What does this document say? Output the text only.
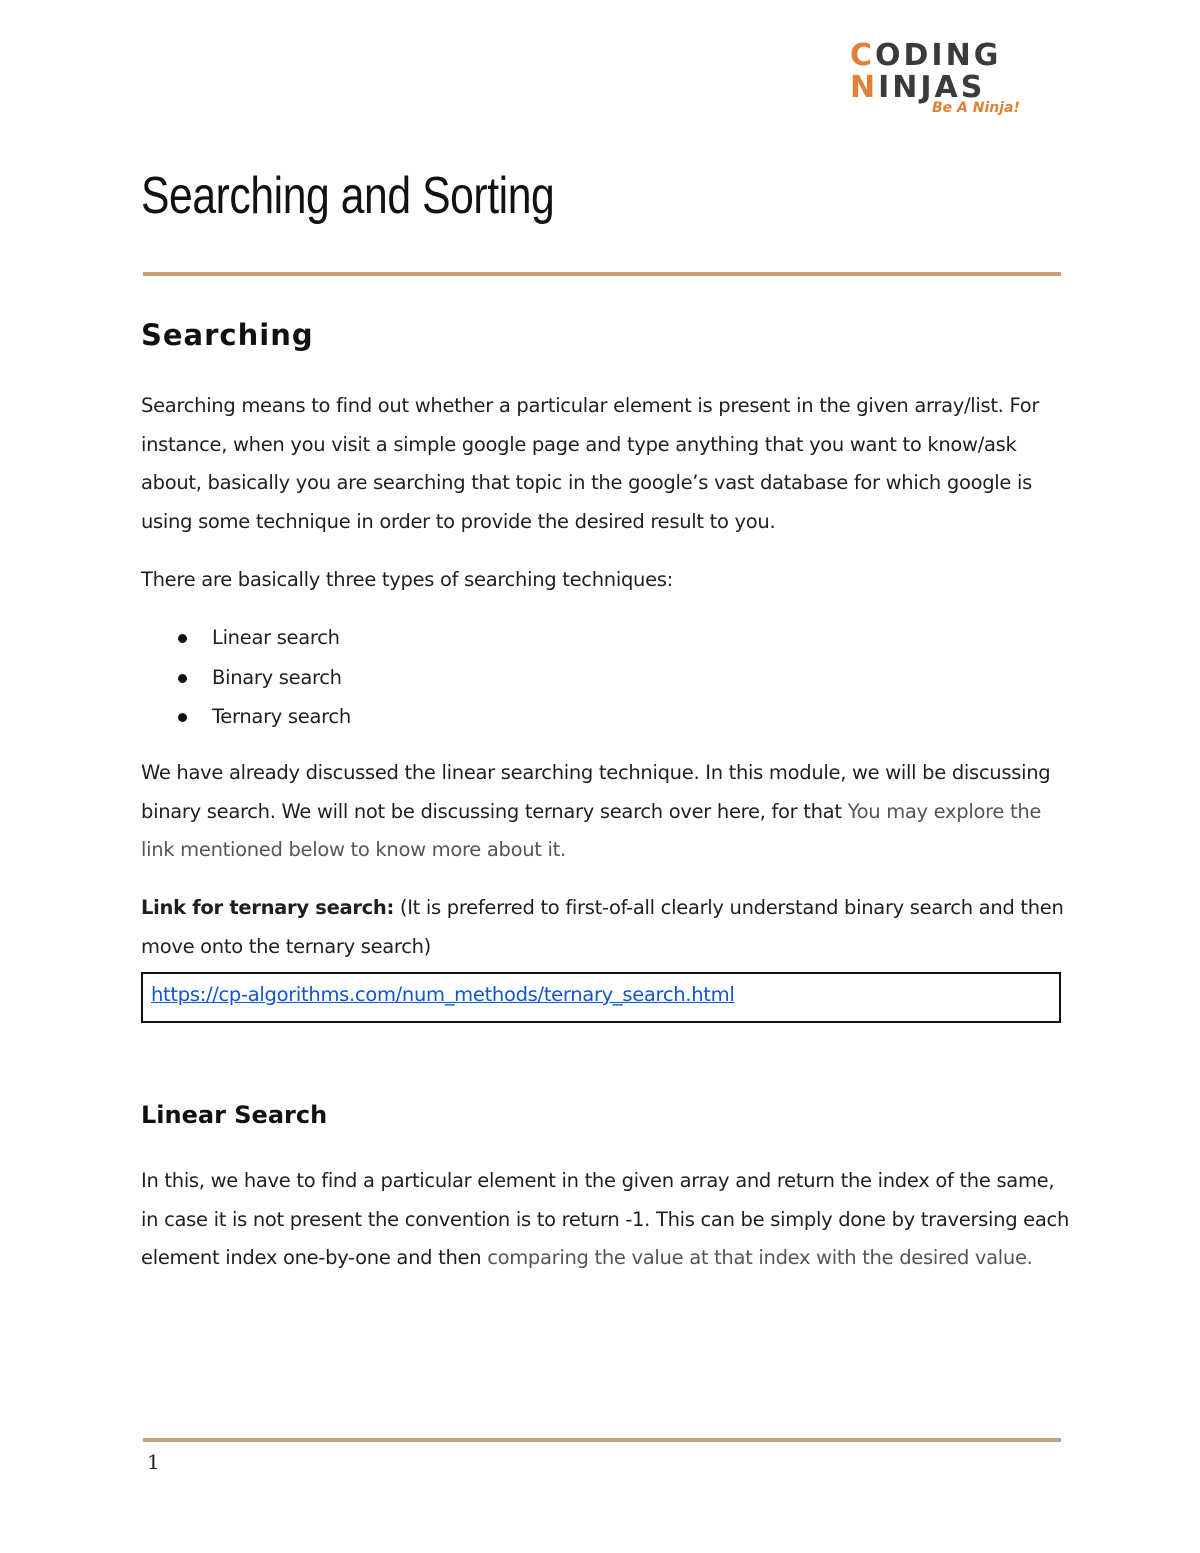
CODING
NINJAS
Be A Ninja!
Searching and Sorting
Searching

Searching means to find out whether a particular element is present in the given array/list. For instance, when you visit a simple google page and type anything that you want to know/ask about, basically you are searching that topic in the google’s vast database for which google is using some technique in order to provide the desired result to you.

There are basically three types of searching techniques:

Linear search
Binary search
Ternary search

We have already discussed the linear searching technique. In this module, we will be discussing binary search. We will not be discussing ternary search over here, for that You may explore the link mentioned below to know more about it.

Link for ternary search: (It is preferred to first-of-all clearly understand binary search and then move onto the ternary search)

https://cp-algorithms.com/num_methods/ternary_search.html
Linear Search

In this, we have to find a particular element in the given array and return the index of the same, in case it is not present the convention is to return -1. This can be simply done by traversing each element index one-by-one and then comparing the value at that index with the desired value.

1
